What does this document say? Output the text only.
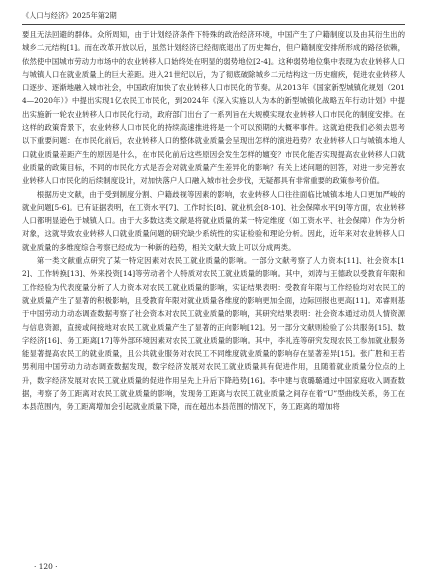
《人口与经济》2025年第2期

要且无法回避的群体。众所周知，由于计划经济条件下特殊的政治经济环境，中国产生了户籍制度以及由其衍生出的城乡二元结构[1]。而在改革开放以后，虽然计划经济已经彻底退出了历史舞台，但户籍制度安排所形成的路径依赖，依然使中国城市劳动力市场中的农业转移人口始终处在明显的弱势地位[2-4]。这种弱势地位集中表现为农业转移人口与城镇人口在就业质量上的巨大差距。进入21世纪以后，为了彻底破除城乡二元结构这一历史痼疾，促进农业转移人口逐步、逐渐地融入城市社会，中国政府加快了农业转移人口市民化的节奏。从2013年《国家新型城镇化规划（2014—2020年）》中提出实现1亿农民工市民化，到2024年《深入实施以人为本的新型城镇化战略五年行动计划》中提出实施新一轮农业转移人口市民化行动，政府部门出台了一系列旨在大规模实现农业转移人口市民化的制度安排。在这样的政策背景下，农业转移人口市民化的持续高速推进将是一个可以预期的大概率事件。这就迫使我们必须去思考以下重要问题：在市民化前后，农业转移人口的整体就业质量会呈现出怎样的演进趋势？农业转移人口与城镇本地人口就业质量差距产生的原因是什么，在市民化前后这些原因会发生怎样的嬗变？市民化能否实现提高农业转移人口就业质量的政策目标，不同的市民化方式是否会对就业质量产生差异化的影响？有关上述问题的回答，对进一步完善农业转移人口市民化的后续制度设计，对加快落户人口融入城市社会步伐，无疑都具有非常重要的政策参考价值。

根据历史文献，由于受到制度分割、户籍歧视等因素的影响，农业转移人口往往面临比城镇本地人口更加严峻的就业问题[5-6]。已有证据表明，在工资水平[7]、工作时长[8]、就业机会[8-10]、社会保障水平[9]等方面，农业转移人口都明显逊色于城镇人口。由于大多数这类文献是将就业质量的某一特定维度（如工资水平、社会保障）作为分析对象，这就导致农业转移人口就业质量问题的研究缺少系统性的实证检验和理论分析。因此，近年来对农业转移人口就业质量的多维度综合考察已经成为一种新的趋势，相关文献大致上可以分成两类。

第一类文献重点研究了某一特定因素对农民工就业质量的影响。一部分文献考察了人力资本[11]、社会资本[12]、工作转换[13]、外来投资[14]等劳动者个人特质对农民工就业质量的影响。其中，刘涛与王德政以受教育年限和工作经验为代表度量分析了人力资本对农民工就业质量的影响，实证结果表明：受教育年限与工作经验均对农民工的就业质量产生了显著的积极影响，且受教育年限对就业质量各维度的影响更加全面，边际回报也更高[11]。邓睿则基于中国劳动力动态调查数据考察了社会资本对农民工就业质量的影响，其研究结果表明：社会资本通过动员人情资源与信息资源，直接或间接地对农民工就业质量产生了显著的正向影响[12]。另一部分文献则检验了公共服务[15]、数字经济[16]、务工距离[17]等外部环境因素对农民工就业质量的影响。其中，李礼连等研究发现农民工参加就业服务能显著提高农民工的就业质量，且公共就业服务对农民工不同维度就业质量的影响存在显著差异[15]。张广胜和王若男利用中国劳动力动态调查数据发现，数字经济发展对农民工就业质量具有促进作用，且随着就业质量分位点的上升，数字经济发展对农民工就业质量的促进作用呈先上升后下降趋势[16]。李中建与袁璐璐通过中国家庭收入调查数据，考察了务工距离对农民工就业质量的影响，发现务工距离与农民工就业质量之间存在着“U”型曲线关系，务工在本县范围内，务工距离增加会引起就业质量下降，而在超出本县范围的情况下，务工距离的增加将

· 120 ·
